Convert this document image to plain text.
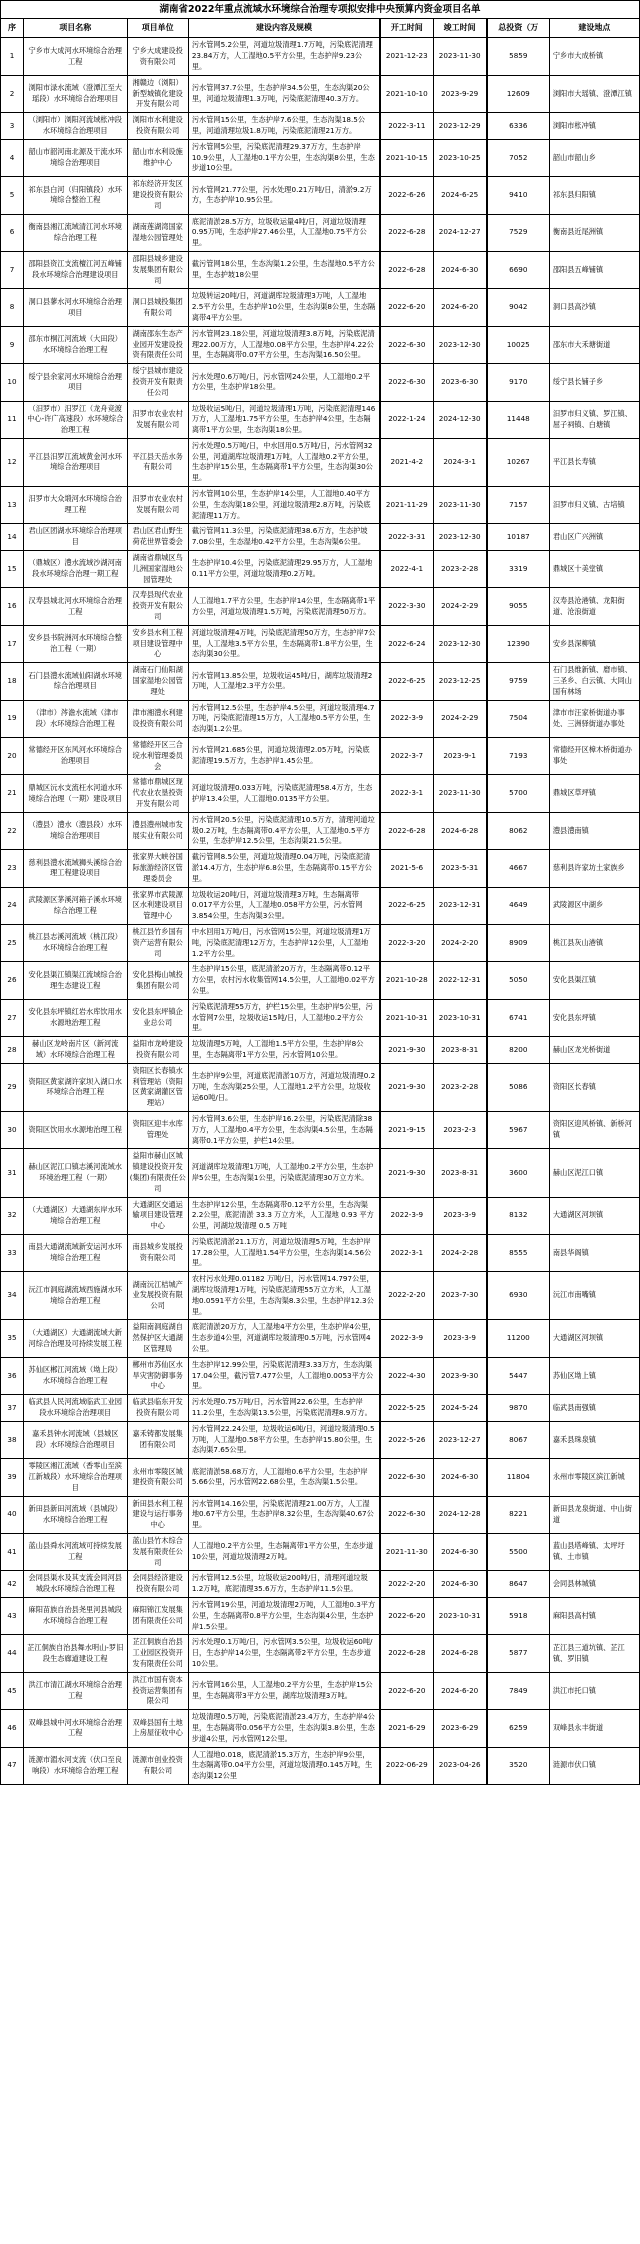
湖南省2022年重点流域水环境综合治理专项拟安排中央预算内资金项目名单							
序	项目名称	项目单位	建设内容及规模	开工时间	竣工时间	总投资（万	建设地点
1	宁乡市大成河水环境综合治理工程	宁乡大成建设投资有限公司	污水管网5.2公里，河道垃圾清理1.7万吨，污染底泥清理23.84万方，人工湿地0.5平方公里，生态护岸9.23公里。	2021-12-23	2023-11-30	5859	宁乡市大成桥镇
2	浏阳市渌水流域（澄潭江至大瑶段）水环境综合治理项目	湘赣边（浏阳）新型城镇化建设开发有限公司	污水管网37.7公里，生态护岸34.5公里，生态沟渠20公里，河道垃圾清理1.3万吨，污染底泥清理40.3万方。	2021-10-10	2023-9-29	12609	浏阳市大瑶镇、澄潭江镇
3	（浏阳市）浏阳河流域枨冲段水环境综合治理项目	浏阳市水利建设投资有限公司	污水管网15公里，生态护岸7.6公里，生态沟渠18.5公里，河道清理垃圾1.8万吨，污染底泥清理21万方。	2022-3-11	2023-12-29	6336	浏阳市枨冲镇
4	韶山市韶河南北源及干流水环境综合治理项目	韶山市水利设施维护中心	污水管网5公里，污染底泥清理29.37万方，生态护岸10.9公里，人工湿地0.1平方公里，生态沟渠8公里，生态步道10公里。	2021-10-15	2023-10-25	7052	韶山市韶山乡
5	祁东县白河（归阳镇段）水环境综合整治工程	祁东经济开发区建设投资有限公司	污水管网21.77公里，污水处理0.21万吨/日，清淤9.2万方，生态护岸10.95公里。	2022-6-26	2024-6-25	9410	祁东县归阳镇
6	衡南县湘江流域清江河水环境综合治理工程	湖南莲湖湾国家湿地公园管理处	底泥清淤28.5万方，垃圾收运量4吨/日，河道垃圾清理0.95万吨，生态护岸27.46公里，人工湿地0.75平方公里。	2022-6-28	2024-12-27	7529	衡南县近尾洲镇
7	邵阳县资江支流檀江河五峰铺段水环境综合治理建设项目	邵阳县城乡建设发展集团有限公司	截污管网18公里，生态沟渠1.2公里，生态湿地0.5平方公里，生态护坡18公里	2022-6-28	2024-6-30	6690	邵阳县五峰铺镇
8	洞口县蓼水河水环境综合治理项目	洞口县城投集团有限公司	垃圾转运20吨/日，河道湖库垃圾清理3万吨，人工湿地2.5平方公里，生态护岸10公里，生态沟渠8公里，生态隔离带4平方公里。	2022-6-20	2024-6-20	9042	洞口县高沙镇
9	邵东市桐江河流域（大田段）水环境综合治理工程	湖南邵东生态产业园开发建设投资有限责任公司	污水管网23.18公里，河道垃圾清理3.8万吨，污染底泥清理22.00万方，人工湿地0.08平方公里，生态护岸4.22公里，生态隔离带0.07平方公里，生态沟渠16.50公里。	2022-6-30	2023-12-30	10025	邵东市大禾塘街道
10	绥宁县余家河水环境综合治理项目	绥宁县城市建设投资开发有限责任公司	污水处理0.6万吨/日，污水管网24公里，人工湿地0.2平方公里，生态护岸18公里。	2022-6-30	2023-6-30	9170	绥宁县长铺子乡
11	（汨罗市）汨罗江（龙舟竞渡中心-许广高速段）水环境综合治理工程	汨罗市农业农村发展有限公司	垃圾收运5吨/日，河道垃圾清理1万吨，污染底泥清理146万方，人工湿地1.75平方公里，生态护岸4公里，生态隔离带1平方公里，生态沟渠18公里。	2022-1-24	2024-12-30	11448	汨罗市归义镇、罗江镇、屈子祠镇、白塘镇
12	平江县汨罗江流域黄金河水环境综合治理项目	平江县天岳水务有限公司	污水处理0.5万吨/日，中水回用0.5万吨/日，污水管网32公里，河道湖库垃圾清理1万吨，人工湿地0.2平方公里，生态护岸15公里，生态隔离带1平方公里，生态沟渠30公里。	2021-4-2	2024-3-1	10267	平江县长寿镇
13	汨罗市大众塅河水环境综合治理工程	汨罗市农业农村发展有限公司	污水管网10公里，生态护岸14公里，人工湿地0.40平方公里，生态沟渠18公里，河道垃圾清理2.8万吨，污染底泥清理11万方。	2021-11-29	2023-11-30	7157	汨罗市归义镇、古培镇
14	君山区团湖水环境综合治理项目	君山区君山野生荷花世界管委会	截污管网11.3公里，污染底泥清理38.6万方，生态护坡7.08公里，生态湿地0.42平方公里，生态沟渠6公里。	2022-3-31	2023-12-30	10187	君山区广兴洲镇
15	（鼎城区）澧水流域沙湖河南段水环境综合治理一期工程	湖南省鼎城区鸟儿洲国家湿地公园管理处	生态护岸10.4公里，污染底泥清理29.95万方，人工湿地0.11平方公里，河道垃圾清理0.2万吨。	2022-4-1	2023-2-28	3319	鼎城区十美堂镇
16	汉寿县城北河水环境综合治理工程	汉寿县现代农业投资开发有限公司	人工湿地1.7平方公里，生态护岸14公里，生态隔离带1平方公里，河道垃圾清理1.5万吨，污染底泥清理50万方。	2022-3-30	2024-2-29	9055	汉寿县沧港镇、龙阳街道、沧浪街道
17	安乡县书院洲河水环境综合整治工程（一期）	安乡县水利工程项目建设管理中心	河道垃圾清理4万吨，污染底泥清理50万方，生态护岸7公里，人工湿地3.5平方公里，生态隔离带1.8平方公里，生态沟渠30公里。	2022-6-24	2023-12-30	12390	安乡县深柳镇
18	石门县澧水流域仙阳湖水环境综合治理项目	湖南石门仙阳湖国家湿地公园管理处	污水管网13.85公里，垃圾收运45吨/日，湖库垃圾清理2万吨，人工湿地2.3平方公里。	2022-6-25	2023-12-25	9759	石门县维新镇、磨市镇、三圣乡、白云镇、大同山国有林场
19	（津市）涔澹水流域（津市段）水环境综合治理工程	津市湘澧水利建设投资有限公司	污水管网12.5公里，生态护岸4.5公里，河道垃圾清理4.7万吨，污染底泥清理15万方，人工湿地0.5平方公里，生态沟渠1.2公里。	2022-3-9	2024-2-29	7504	津市市汪家桥街道办事处、三洲驿街道办事处
20	常德经开区东风河水环境综合治理项目	常德经开区三合垸水利管理委员会	污水管网21.685公里，河道垃圾清理2.05万吨，污染底泥清理19.5万方，生态护岸1.45公里。	2022-3-7	2023-9-1	7193	常德经开区樟木桥街道办事处
21	鼎城区沅水支流枉水河道水环境综合治理（一期）建设项目	常德市鼎城区现代农业农垦投资开发有限公司	河道垃圾清理0.033万吨，污染底泥清理58.4万方，生态护岸13.4公里，人工湿地0.0135平方公里。	2022-3-1	2023-11-30	5700	鼎城区草坪镇
22	（澧县）澧水（澧县段）水环境综合治理项目	澧县澧州城市发展实业有限公司	污水管网20.5公里，污染底泥清理10.5万方，清理河道垃圾0.2万吨，生态隔离带0.4平方公里，人工湿地0.5平方公里，生态护岸12.5公里，生态沟渠21.5公里。	2022-6-28	2024-6-28	8062	澧县澧南镇
23	慈利县澧水流域狮头溪综合治理工程建设项目	张家界大峡谷国际旅游经济区管理委员会	截污管网8.5公里，河道垃圾清理0.04万吨，污染底泥清淤14.4万方，生态护岸6.8公里，生态隔离带0.15平方公里。	2021-5-6	2023-5-31	4667	慈利县许家坊土家族乡
24	武陵源区茅溪河箱子溪水环境综合治理工程	张家界市武陵源区水利建设项目管理中心	垃圾收运20吨/日，河道垃圾清理3万吨，生态隔离带0.017平方公里，人工湿地0.058平方公里，污水管网3.854公里，生态沟渠3公里。	2022-6-25	2023-12-31	4649	武陵源区中湖乡
25	桃江县志溪河流域（桃江段）水环境综合治理工程	桃江县竹乡国有资产运营有限公司	中水回用1万吨/日，污水管网15公里，河道垃圾清理1万吨，污染底泥清理12万方，生态护岸12公里，人工湿地1.2平方公里。	2022-3-20	2024-2-20	8909	桃江县灰山港镇
26	安化县渠江镇渠江流域综合治理生态建设工程	安化县梅山城投集团有限公司	生态护岸15公里，底泥清淤20万方，生态隔离带0.12平方公里，农村污水收集管网14.5公里，人工湿地0.02平方公里。	2021-10-28	2022-12-31	5050	安化县渠江镇
27	安化县东坪镇红岩水库饮用水水源地治理工程	安化县东坪镇企业总公司	污染底泥清理55万方，护栏15公里，生态护岸5公里，污水管网7公里，垃圾收运15吨/日，人工湿地0.2平方公里。	2021-10-31	2023-10-31	6741	安化县东坪镇
28	赫山区龙岭南片区（新河流域）水环境综合治理工程	益阳市龙岭建设投资有限公司	垃圾清理5万吨，人工湿地1.5平方公里，生态护岸8公里，生态隔离带1平方公里，污水管网10公里。	2021-9-30	2023-8-31	8200	赫山区龙光桥街道
29	资阳区黄家湖许家坝入湖口水环境综合治理工程	资阳区长春镇水利管理站（资阳区黄家湖灌区管理站）	生态护岸9公里，河道底泥清淤10万方，河道垃圾清理0.2万吨，生态沟渠25公里，人工湿地1.2平方公里，垃圾收运60吨/日。	2021-9-30	2023-2-28	5086	资阳区长春镇
30	资阳区饮用水水源地治理工程	资阳区迎丰水库管理处	污水管网3.6公里，生态护岸16.2公里，污染底泥清除38万方，人工湿地0.4平方公里，生态沟渠4.5公里，生态隔离带0.1平方公里，护栏14公里。	2021-9-15	2023-2-3	5967	资阳区迎风桥镇、新桥河镇
31	赫山区泥江口镇志溪河流域水环境治理工程（一期）	益阳市赫山区城镇建设投资开发(集团)有限责任公司	河道湖库垃圾清理1万吨，人工湿地0.2平方公里，生态护岸5公里，生态沟渠1公里，污染底泥清理30万立方米。	2021-9-30	2023-8-31	3600	赫山区泥江口镇
32	（大通湖区）大通湖东岸水环境综合治理工程	大通湖区交通运输项目建设管理中心	生态护岸12公里，生态隔离带0.12平方公里，生态沟渠2.2公里，底泥清淤 33.3 万立方米，人工湿地 0.93 平方公里，河湖垃圾清理 0.5 万吨	2022-3-9	2023-3-9	8132	大通湖区河坝镇
33	南县大通湖流域新安运河水环境综合治理工程	南县城乡发展投资有限公司	污染底泥清淤21.1万方，河道垃圾清理5万吨，生态护岸17.28公里，人工湿地1.54平方公里，生态沟渠14.56公里。	2022-3-1	2024-2-28	8555	南县华阁镇
34	沅江市洞庭湖流域西施湖水环境综合治理工程	湖南沅江桔城产业发展投资有限公司	农村污水处理0.01182 万吨/日，污水管网14.797公里，湖库垃圾清理1万吨，污染底泥清理55万立方米，人工湿地0.0591平方公里，生态沟渠8.3公里，生态护岸12.3公里。	2022-2-20	2023-7-30	6930	沅江市南嘴镇
35	（大通湖区）大通湖流域大新河综合治理及可持续发展工程	益阳南洞庭湖自然保护区大通湖区管理局	底泥清淤20万方，人工湿地4平方公里，生态护岸4公里，生态步道4公里，河道湖库垃圾清理0.5万吨，污水管网4公里。	2022-3-9	2023-3-9	11200	大通湖区河坝镇
36	苏仙区郴江河流域（坳上段）水环境综合治理工程	郴州市苏仙区水旱灾害防御事务中心	生态护岸12.99公里，污染底泥清理3.33万方，生态沟渠17.04公里，截污管7.477公里，人工湿地0.0053平方公里。	2022-4-30	2023-9-30	5447	苏仙区坳上镇
37	临武县人民河流域临武工业园段水环境综合治理项目	临武县临东开发投资有限公司	污水处理0.75万吨/日，污水管网22.6公里，生态护岸11.2公里，生态沟渠13.5公里，污染底泥清理8.9万方。	2022-5-25	2024-5-24	9870	临武县南强镇
38	嘉禾县钟水河流域（县城区段）水环境综合治理项目	嘉禾铸都发展集团有限公司	污水管网22.24公里，垃圾收运6吨/日，河道垃圾清理0.5万吨，人工湿地0.58平方公里，生态护岸15.80公里，生态沟渠7.65公里。	2022-5-26	2023-12-27	8067	嘉禾县珠泉镇
39	零陵区湘江流域（香零山至滨江新城段）水环境综合治理项目	永州市零陵区城建投资有限公司	底泥清淤58.68万方，人工湿地0.6平方公里，生态护岸5.66公里，污水管网22.68公里，生态沟渠1.5公里。	2022-6-30	2024-6-30	11804	永州市零陵区滨江新城
40	新田县新田河流域（县城段）水环境综合治理工程	新田县水利工程建设与运行事务中心	污水管网14.16公里，污染底泥清理21.00万方，人工湿地0.67平方公里，生态护岸8.32公里，生态沟渠40.67公里。	2022-6-30	2024-12-28	8221	新田县龙泉街道、中山街道
41	蓝山县舜水河流域可持续发展工程	蓝山县竹木综合发展有限责任公司	人工湿地0.2平方公里，生态隔离带1平方公里，生态步道10公里，河道垃圾清理2万吨。	2021-11-30	2024-6-30	5500	蓝山县塔峰镇、太坪圩镇、土市镇
42	会同县渠水及其支流会同河县城段水环境综合治理工程	会同县经济建设投资有限公司	污水管网12.5公里，垃圾收运200吨/日，清理河道垃圾1.2万吨，底泥清理35.6万方，生态护岸11.5公里。	2022-2-20	2024-6-30	8647	会同县林城镇
43	麻阳苗族自治县尧里河县城段水环境综合治理工程	麻阳锦江发展集团有限责任公司	污水管网19公里，河道垃圾清理2万吨，人工湿地0.3平方公里，生态隔离带0.8平方公里，生态沟渠4公里，生态护岸1.5公里。	2022-6-20	2023-10-31	5918	麻阳县高村镇
44	芷江侗族自治县舞水明山-罗旧段生态廊道建设工程	芷江侗族自治县工业园区投资开发有限责任公司	污水处理0.1万吨/日，污水管网3.5公里，垃圾收运60吨/日，生态护岸14公里，生态隔离带2平方公里，生态步道10公里。	2022-6-28	2024-6-28	5877	芷江县三道坑镇、芷江镇、罗旧镇
45	洪江市清江湖水环境综合治理工程	洪江市国有资本投资运营集团有限公司	污水管网16公里，人工湿地0.2平方公里，生态护岸15公里，生态隔离带3平方公里，湖库垃圾清理3万吨。	2022-6-20	2024-6-20	7849	洪江市托口镇
46	双峰县城中河水环境综合治理工程	双峰县国有土地上房屋征收中心	垃圾清理0.5万吨，污染底泥清淤23.4万方，生态护岸4公里，生态隔离带0.056平方公里，生态沟渠3.8公里，生态步道4公里，污水管网12公里。	2021-6-29	2023-6-29	6259	双峰县永丰街道
47	涟源市湄水河支流（伏口至良响段）水环境综合治理工程	涟源市创业投资有限公司	人工湿地0.018，底泥清淤15.3万方，生态护岸9公里，生态隔离带0.04平方公里，河道垃圾清理0.145万吨，生态沟渠12公里	2022-06-29	2023-04-26	3520	涟源市伏口镇
